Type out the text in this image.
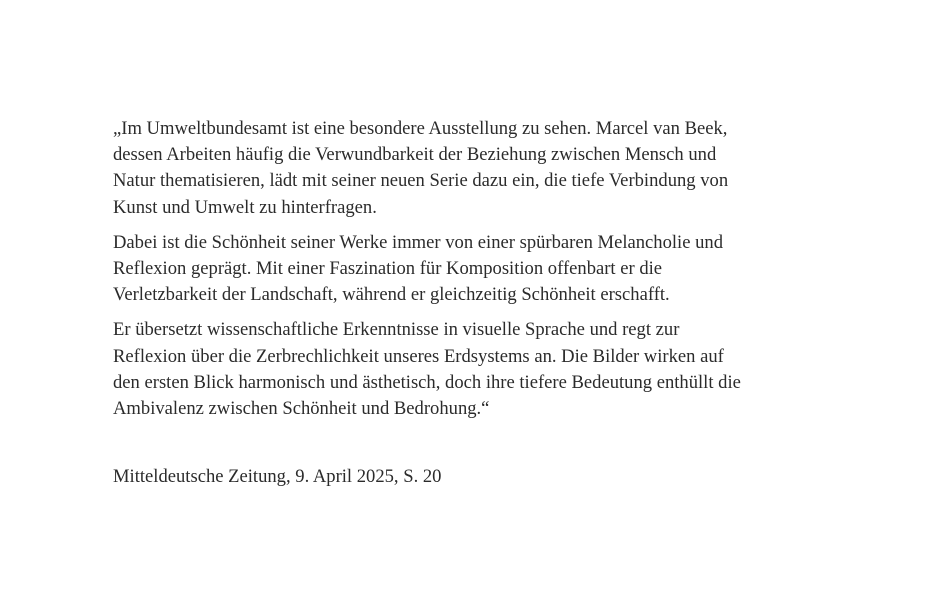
„Im Umweltbundesamt ist eine besondere Ausstellung zu sehen. Marcel van Beek,
dessen Arbeiten häufig die Verwundbarkeit der Beziehung zwischen Mensch und
Natur thematisieren, lädt mit seiner neuen Serie dazu ein, die tiefe Verbindung von
Kunst und Umwelt zu hinterfragen.

Dabei ist die Schönheit seiner Werke immer von einer spürbaren Melancholie und
Reflexion geprägt. Mit einer Faszination für Komposition offenbart er die
Verletzbarkeit der Landschaft, während er gleichzeitig Schönheit erschafft.

Er übersetzt wissenschaftliche Erkenntnisse in visuelle Sprache und regt zur
Reflexion über die Zerbrechlichkeit unseres Erdsystems an. Die Bilder wirken auf
den ersten Blick harmonisch und ästhetisch, doch ihre tiefere Bedeutung enthüllt die
Ambivalenz zwischen Schönheit und Bedrohung.“

Mitteldeutsche Zeitung, 9. April 2025, S. 20
